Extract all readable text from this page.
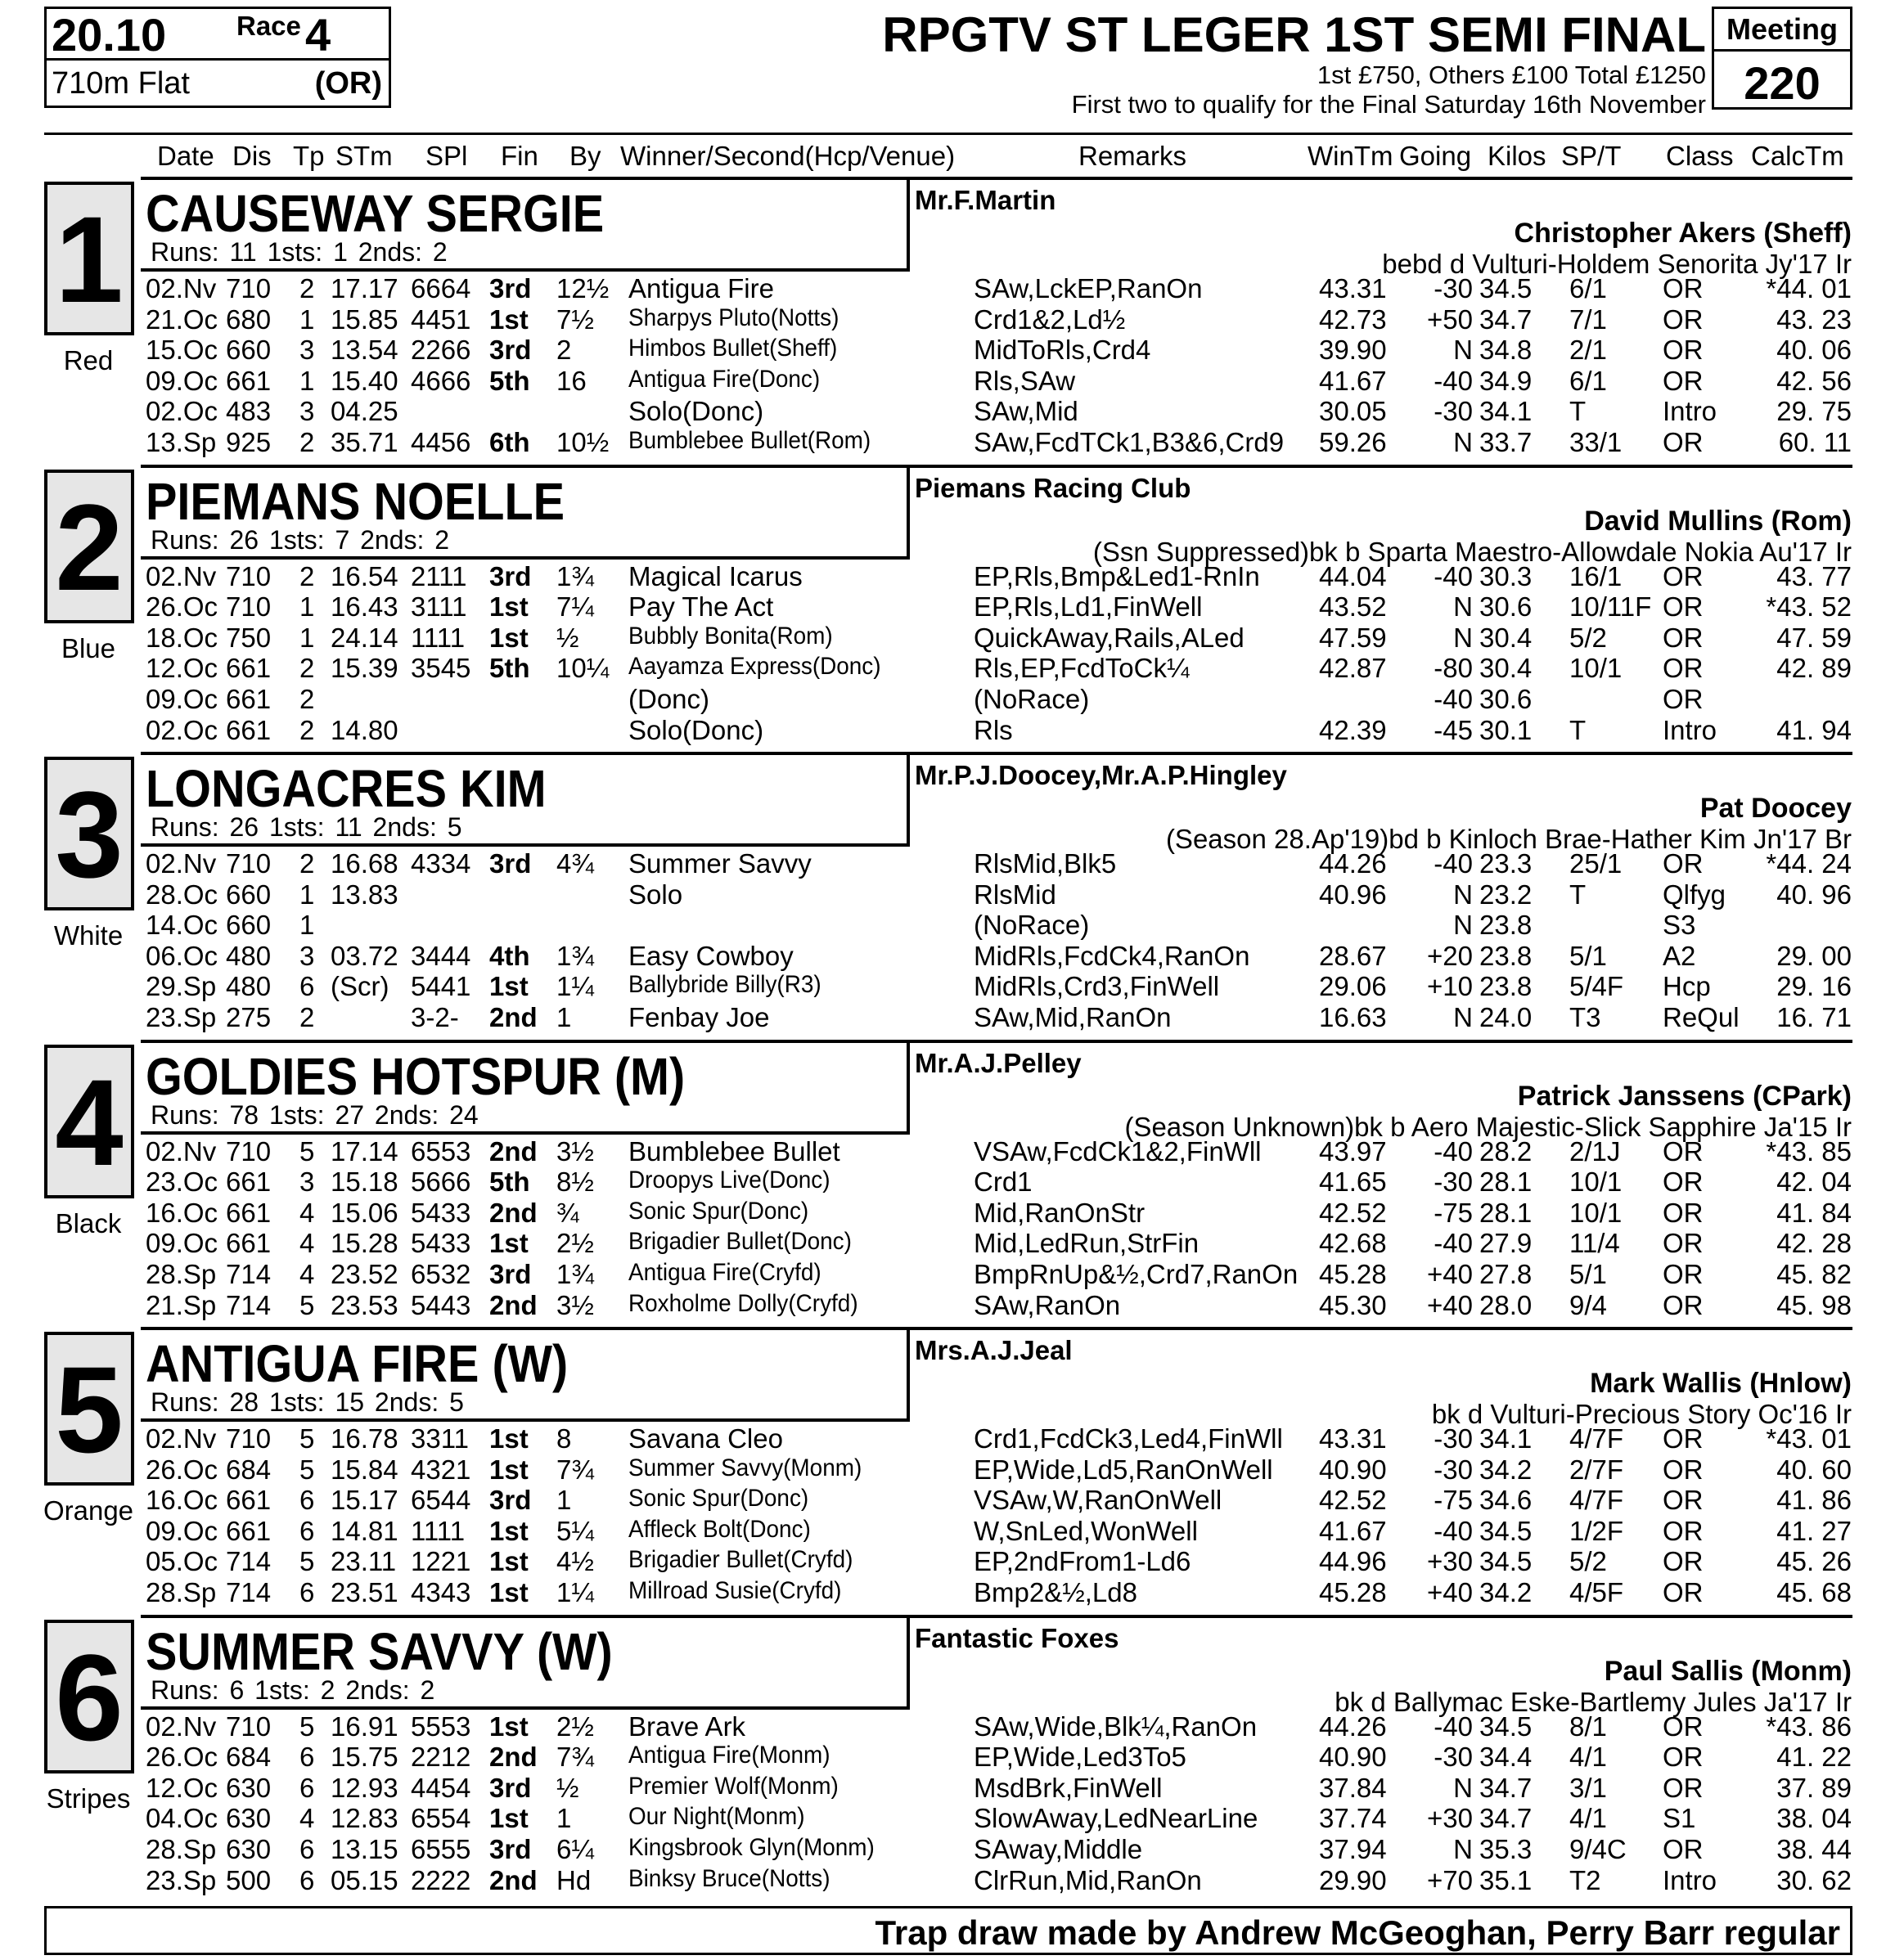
20.10	Race 4
710m Flat	(OR)
RPGTV ST LEGER 1ST SEMI FINAL
1st £750, Others £100 Total £1250
First two to qualify for the Final Saturday 16th November
Meeting
220
Date Dis Tp STm SPl Fin By Winner/Second(Hcp/Venue)	Remarks	WinTm Going Kilos SP/T Class CalcTm
1
Red
CAUSEWAY SERGIE
Runs: 11 1sts: 1 2nds: 2
Mr.F.Martin
Christopher Akers (Sheff)
bebd d Vulturi-Holdem Senorita Jy'17 Ir
02.Nv 710 2 17.17 6664 3rd 12½ Antigua Fire	SAw,LckEP,RanOn	43.31 -30 34.5 6/1 OR *44. 01
21.Oc 680 1 15.85 4451 1st 7½ Sharpys Pluto(Notts)	Crd1&2,Ld½	42.73 +50 34.7 7/1 OR	43. 23
15.Oc 660 3 13.54 2266 3rd 2 Himbos Bullet(Sheff)	MidToRls,Crd4	39.90 N 34.8 2/1 OR	40. 06
09.Oc 661 1 15.40 4666 5th 16 Antigua Fire(Donc)	Rls,SAw	41.67 -40 34.9 6/1 OR	42. 56
02.Oc 483 3 04.25	Solo(Donc)	SAw,Mid	30.05 -30 34.1 T	Intro 29. 75
13.Sp 925 2 35.71 4456 6th 10½ Bumblebee Bullet(Rom)	SAw,FcdTCk1,B3&6,Crd9 59.26 N 33.7 33/1 OR	60. 11
2
Blue
PIEMANS NOELLE
Runs: 26 1sts: 7 2nds: 2
Piemans Racing Club
David Mullins (Rom)
(Ssn Suppressed)bk b Sparta Maestro-Allowdale Nokia Au'17 Ir
02.Nv 710 2 16.54 2111 3rd 1¾ Magical Icarus	EP,Rls,Bmp&Led1-RnIn 44.04 -40 30.3 16/1 OR	43. 77
26.Oc 710 1 16.43 3111 1st 7¼ Pay The Act	EP,Rls,Ld1,FinWell	43.52 N 30.6 10/11F OR *43. 52
18.Oc 750 1 24.14 1111 1st ½ Bubbly Bonita(Rom)	QuickAway,Rails,ALed	47.59 N 30.4 5/2 OR	47. 59
12.Oc 661 2 15.39 3545 5th 10¼ Aayamza Express(Donc)	Rls,EP,FcdToCk¼	42.87 -80 30.4 10/1 OR	42. 89
09.Oc 661 2	(Donc)	(NoRace)	-40 30.6	OR
02.Oc 661 2 14.80	Solo(Donc)	Rls	42.39 -45 30.1 T	Intro 41. 94
3
White
LONGACRES KIM
Runs: 26 1sts: 11 2nds: 5
Mr.P.J.Doocey,Mr.A.P.Hingley
Pat Doocey
(Season 28.Ap'19)bd b Kinloch Brae-Hather Kim Jn'17 Br
02.Nv 710 2 16.68 4334 3rd 4¾ Summer Savvy	RlsMid,Blk5	44.26 -40 23.3 25/1 OR *44. 24
28.Oc 660 1 13.83	Solo	RlsMid	40.96 N 23.2 T	Qlfyg 40. 96
14.Oc 660 1	(NoRace)	N 23.8	S3
06.Oc 480 3 03.72 3444 4th 1¾ Easy Cowboy	MidRls,FcdCk4,RanOn	28.67 +20 23.8 5/1 A2	29. 00
29.Sp 480 6 (Scr) 5441 1st 1¼ Ballybride Billy(R3)	MidRls,Crd3,FinWell	29.06 +10 23.8 5/4F Hcp 29. 16
23.Sp 275 2	3-2- 2nd 1 Fenbay Joe	SAw,Mid,RanOn	16.63 N 24.0 T3 ReQul 16. 71
4
Black
GOLDIES HOTSPUR (M)
Runs: 78 1sts: 27 2nds: 24
Mr.A.J.Pelley
Patrick Janssens (CPark)
(Season Unknown)bk b Aero Majestic-Slick Sapphire Ja'15 Ir
02.Nv 710 5 17.14 6553 2nd 3½ Bumblebee Bullet	VSAw,FcdCk1&2,FinWll 43.97 -40 28.2 2/1J OR *43. 85
23.Oc 661 3 15.18 5666 5th 8½ Droopys Live(Donc)	Crd1	41.65 -30 28.1 10/1 OR	42. 04
16.Oc 661 4 15.06 5433 2nd ¾ Sonic Spur(Donc)	Mid,RanOnStr	42.52 -75 28.1 10/1 OR	41. 84
09.Oc 661 4 15.28 5433 1st 2½ Brigadier Bullet(Donc)	Mid,LedRun,StrFin	42.68 -40 27.9 11/4 OR	42. 28
28.Sp 714 4 23.52 6532 3rd 1¾ Antigua Fire(Cryfd)	BmpRnUp&½,Crd7,RanOn 45.28 +40 27.8 5/1 OR	45. 82
21.Sp 714 5 23.53 5443 2nd 3½ Roxholme Dolly(Cryfd)	SAw,RanOn	45.30 +40 28.0 9/4 OR	45. 98
5
Orange
ANTIGUA FIRE (W)
Runs: 28 1sts: 15 2nds: 5
Mrs.A.J.Jeal
Mark Wallis (Hnlow)
bk d Vulturi-Precious Story Oc'16 Ir
02.Nv 710 5 16.78 3311 1st 8 Savana Cleo	Crd1,FcdCk3,Led4,FinWll 43.31 -30 34.1 4/7F OR *43. 01
26.Oc 684 5 15.84 4321 1st 7¾ Summer Savvy(Monm)	EP,Wide,Ld5,RanOnWell 40.90 -30 34.2 2/7F OR	40. 60
16.Oc 661 6 15.17 6544 3rd 1 Sonic Spur(Donc)	VSAw,W,RanOnWell	42.52 -75 34.6 4/7F OR	41. 86
09.Oc 661 6 14.81 1111 1st 5¼ Affleck Bolt(Donc)	W,SnLed,WonWell	41.67 -40 34.5 1/2F OR	41. 27
05.Oc 714 5 23.11 1221 1st 4½ Brigadier Bullet(Cryfd)	EP,2ndFrom1-Ld6	44.96 +30 34.5 5/2 OR	45. 26
28.Sp 714 6 23.51 4343 1st 1¼ Millroad Susie(Cryfd)	Bmp2&½,Ld8	45.28 +40 34.2 4/5F OR	45. 68
6
Stripes
SUMMER SAVVY (W)
Runs: 6 1sts: 2 2nds: 2
Fantastic Foxes
Paul Sallis (Monm)
bk d Ballymac Eske-Bartlemy Jules Ja'17 Ir
02.Nv 710 5 16.91 5553 1st 2½ Brave Ark	SAw,Wide,Blk¼,RanOn 44.26 -40 34.5 8/1 OR *43. 86
26.Oc 684 6 15.75 2212 2nd 7¾ Antigua Fire(Monm)	EP,Wide,Led3To5	40.90 -30 34.4 4/1 OR	41. 22
12.Oc 630 6 12.93 4454 3rd ½ Premier Wolf(Monm)	MsdBrk,FinWell	37.84 N 34.7 3/1 OR	37. 89
04.Oc 630 4 12.83 6554 1st 1 Our Night(Monm)	SlowAway,LedNearLine 37.74 +30 34.7 4/1 S1	38. 04
28.Sp 630 6 13.15 6555 3rd 6¼ Kingsbrook Glyn(Monm)	SAway,Middle	37.94 N 35.3 9/4C OR	38. 44
23.Sp 500 6 05.15 2222 2nd Hd Binksy Bruce(Notts)	ClrRun,Mid,RanOn	29.90 +70 35.1 T2 Intro 30. 62
Trap draw made by Andrew McGeoghan, Perry Barr regular
